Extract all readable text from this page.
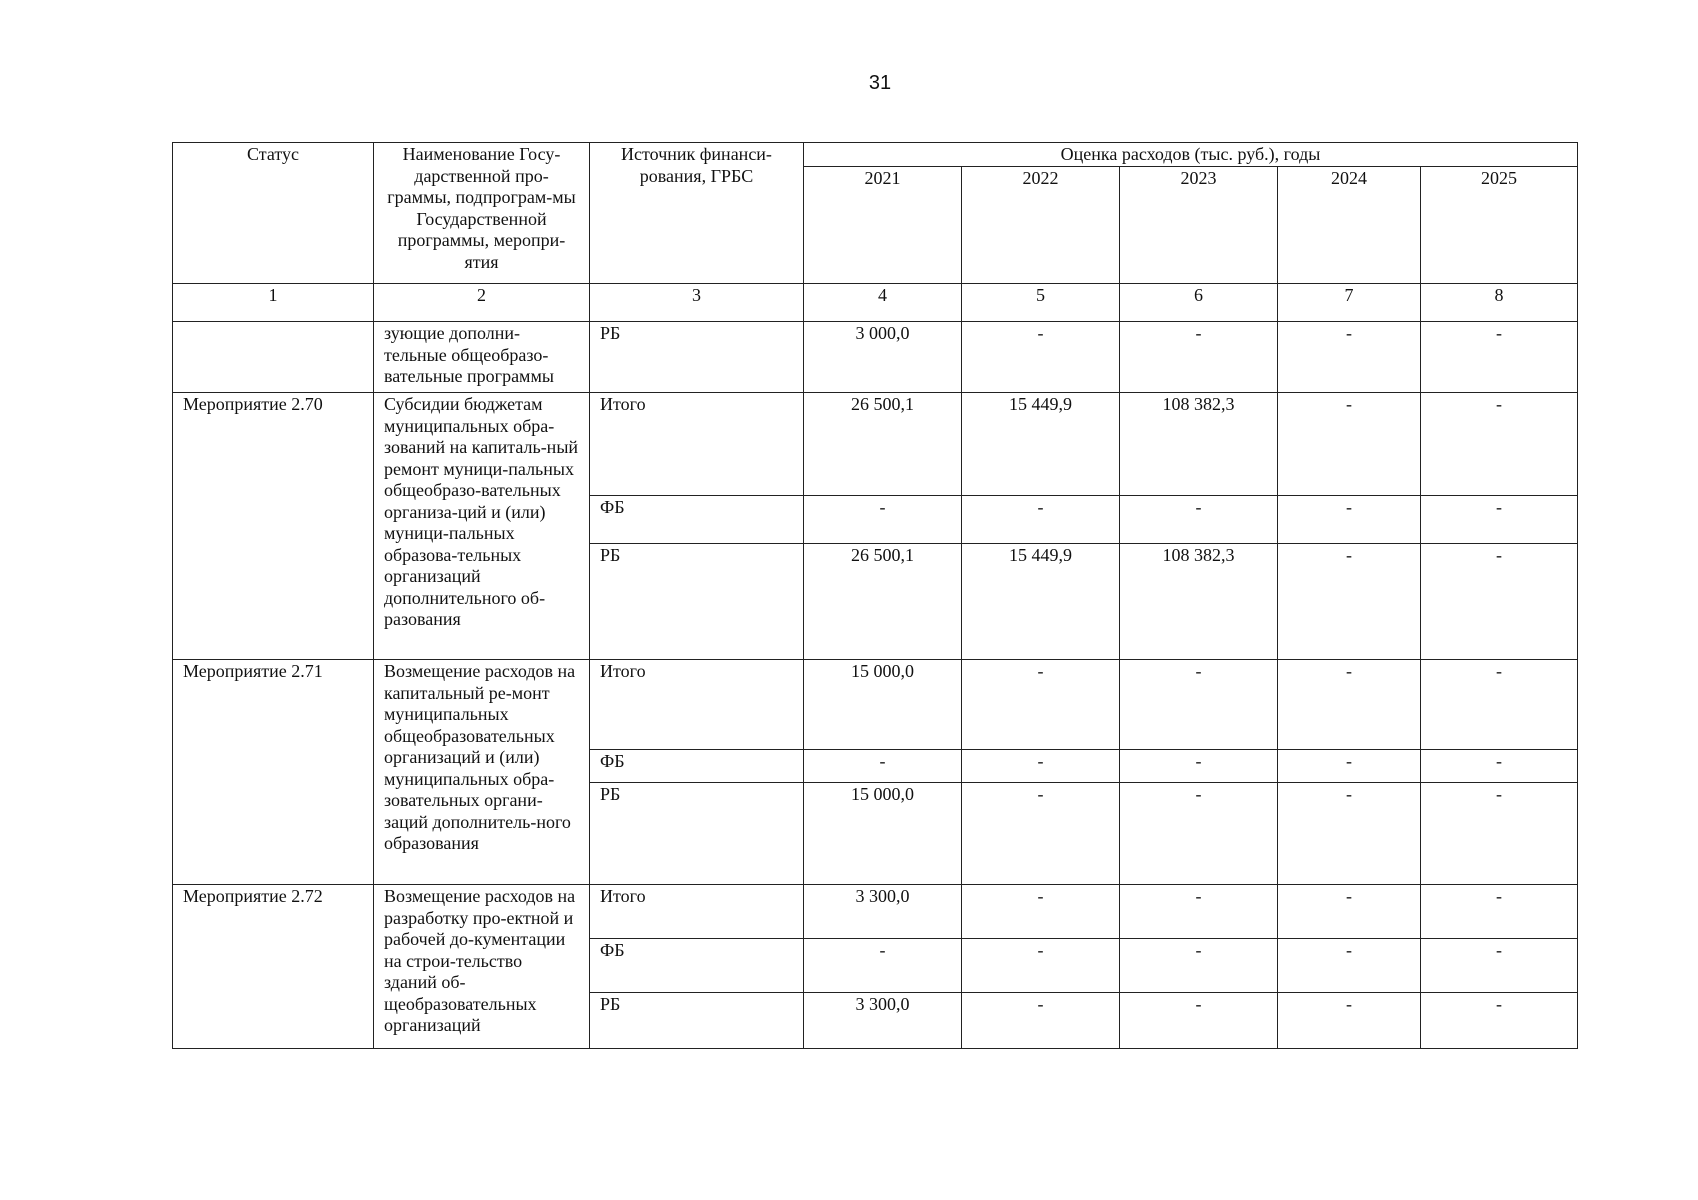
31
Статус	Наименование Госу-дарственной про-граммы, подпрограм-мы Государственной программы, меропри-ятия	Источник финанси-рования, ГРБС	Оценка расходов (тыс. руб.), годы				
			2021	2022	2023	2024	2025
1	2	3	4	5	6	7	8
	зующие дополни-тельные общеобразо-вательные программы	РБ	3 000,0	-	-	-	-
Мероприятие 2.70	Субсидии бюджетам муниципальных обра-зований на капиталь-ный ремонт муници-пальных общеобразо-вательных организа-ций и (или) муници-пальных образова-тельных организаций дополнительного об-разования	Итого	26 500,1	15 449,9	108 382,3	-	-
		ФБ	-	-	-	-	-
		РБ	26 500,1	15 449,9	108 382,3	-	-
Мероприятие 2.71	Возмещение расходов на капитальный ре-монт муниципальных общеобразовательных организаций и (или) муниципальных обра-зовательных органи-заций дополнитель-ного образования	Итого	15 000,0	-	-	-	-
		ФБ	-	-	-	-	-
		РБ	15 000,0	-	-	-	-
Мероприятие 2.72	Возмещение расходов на разработку про-ектной и рабочей до-кументации на строи-тельство зданий об-щеобразовательных организаций	Итого	3 300,0	-	-	-	-
		ФБ	-	-	-	-	-
		РБ	3 300,0	-	-	-	-
